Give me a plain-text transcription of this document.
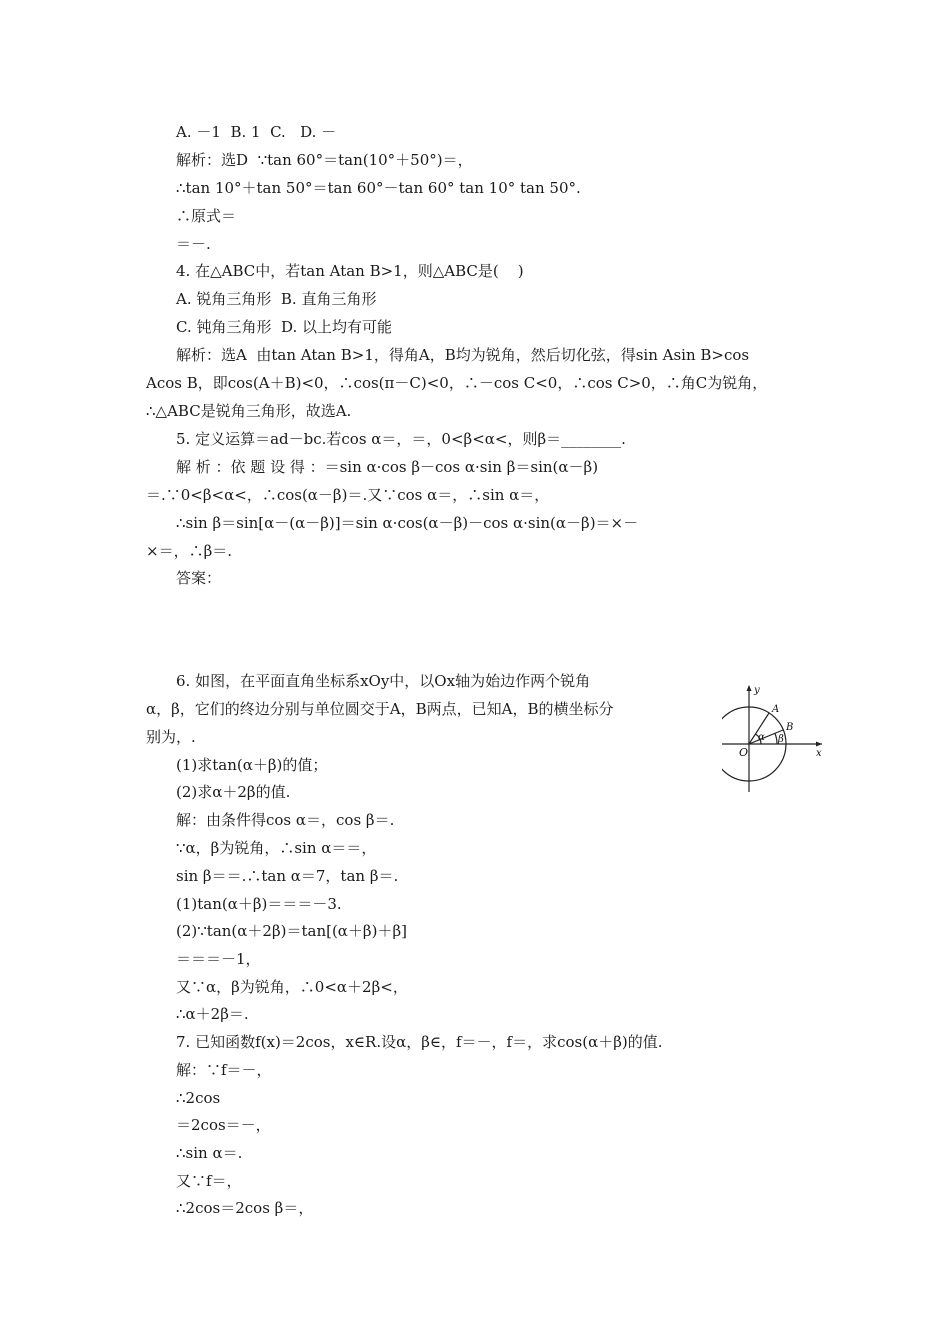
A. －1  B. 1  C.   D. －
解析：选D  ∵tan 60°＝tan(10°＋50°)＝，
∴tan 10°＋tan 50°＝tan 60°－tan 60° tan 10° tan 50°.
∴原式＝
＝－.
4. 在△ABC中，若tan Atan B>1，则△ABC是(    )
A. 锐角三角形  B. 直角三角形
C. 钝角三角形  D. 以上均有可能
解析：选A  由tan Atan B>1，得角A，B均为锐角，然后切化弦，得sin Asin B>cos
Acos B，即cos(A＋B)<0，∴cos(π－C)<0，∴－cos C<0，∴cos C>0，∴角C为锐角，
∴△ABC是锐角三角形，故选A.
5. 定义运算＝ad－bc.若cos α＝，＝，0<β<α<，则β＝________.
解 析 ：依 题 设 得 ：＝sin α·cos β－cos α·sin β＝sin(α－β)
＝.∵0<β<α<，∴cos(α－β)＝.又∵cos α＝，∴sin α＝，
∴sin β＝sin[α－(α－β)]＝sin α·cos(α－β)－cos α·sin(α－β)＝×－
×＝，∴β＝.
答案：
6. 如图，在平面直角坐标系xOy中，以Ox轴为始边作两个锐角
α，β，它们的终边分别与单位圆交于A，B两点，已知A，B的横坐标分
别为，.
(1)求tan(α＋β)的值；
(2)求α＋2β的值.
解：由条件得cos α＝，cos β＝.
∵α，β为锐角，∴sin α＝＝，
sin β＝＝.∴tan α＝7，tan β＝.
(1)tan(α＋β)＝＝＝－3.
(2)∵tan(α＋2β)＝tan[(α＋β)＋β]
＝＝＝－1，
又∵α，β为锐角，∴0<α＋2β<，
∴α＋2β＝.
7. 已知函数f(x)＝2cos，x∈R.设α，β∈，f＝－，f＝，求cos(α＋β)的值.
解：∵f＝－，
∴2cos
＝2cos＝－，
∴sin α＝.
又∵f＝，
∴2cos＝2cos β＝，
y
x
O
A
B
α β
